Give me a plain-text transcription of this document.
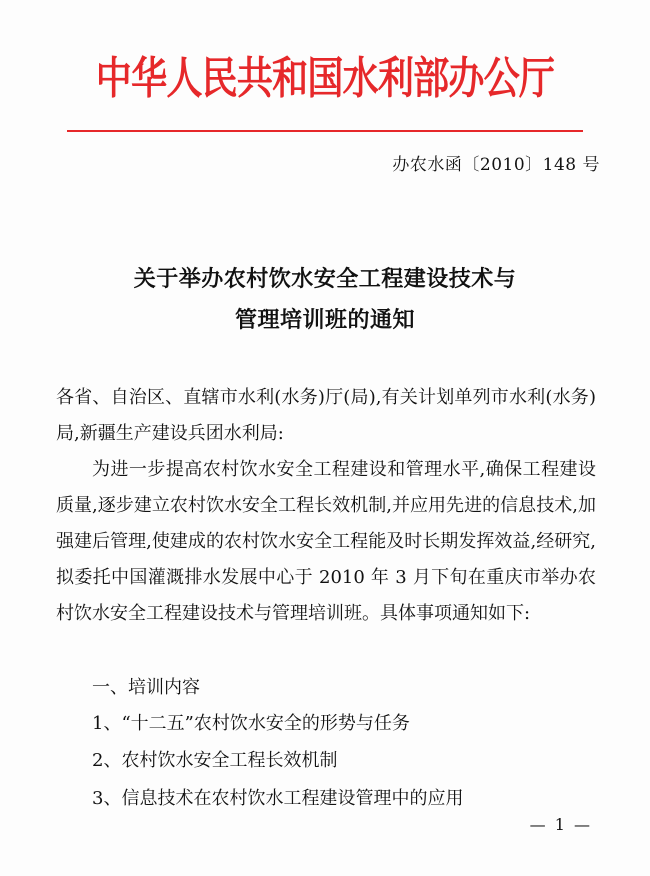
中华人民共和国水利部办公厅
办农水函〔2010〕148 号
关于举办农村饮水安全工程建设技术与
管理培训班的通知
各省、自治区、直辖市水利(水务)厅(局),有关计划单列市水利(水务)局,新疆生产建设兵团水利局:
为进一步提高农村饮水安全工程建设和管理水平,确保工程建设质量,逐步建立农村饮水安全工程长效机制,并应用先进的信息技术,加强建后管理,使建成的农村饮水安全工程能及时长期发挥效益,经研究,拟委托中国灌溉排水发展中心于 2010 年 3 月下旬在重庆市举办农村饮水安全工程建设技术与管理培训班。具体事项通知如下:
一、培训内容
1、“十二五”农村饮水安全的形势与任务
2、农村饮水安全工程长效机制
3、信息技术在农村饮水工程建设管理中的应用
— 1 —
